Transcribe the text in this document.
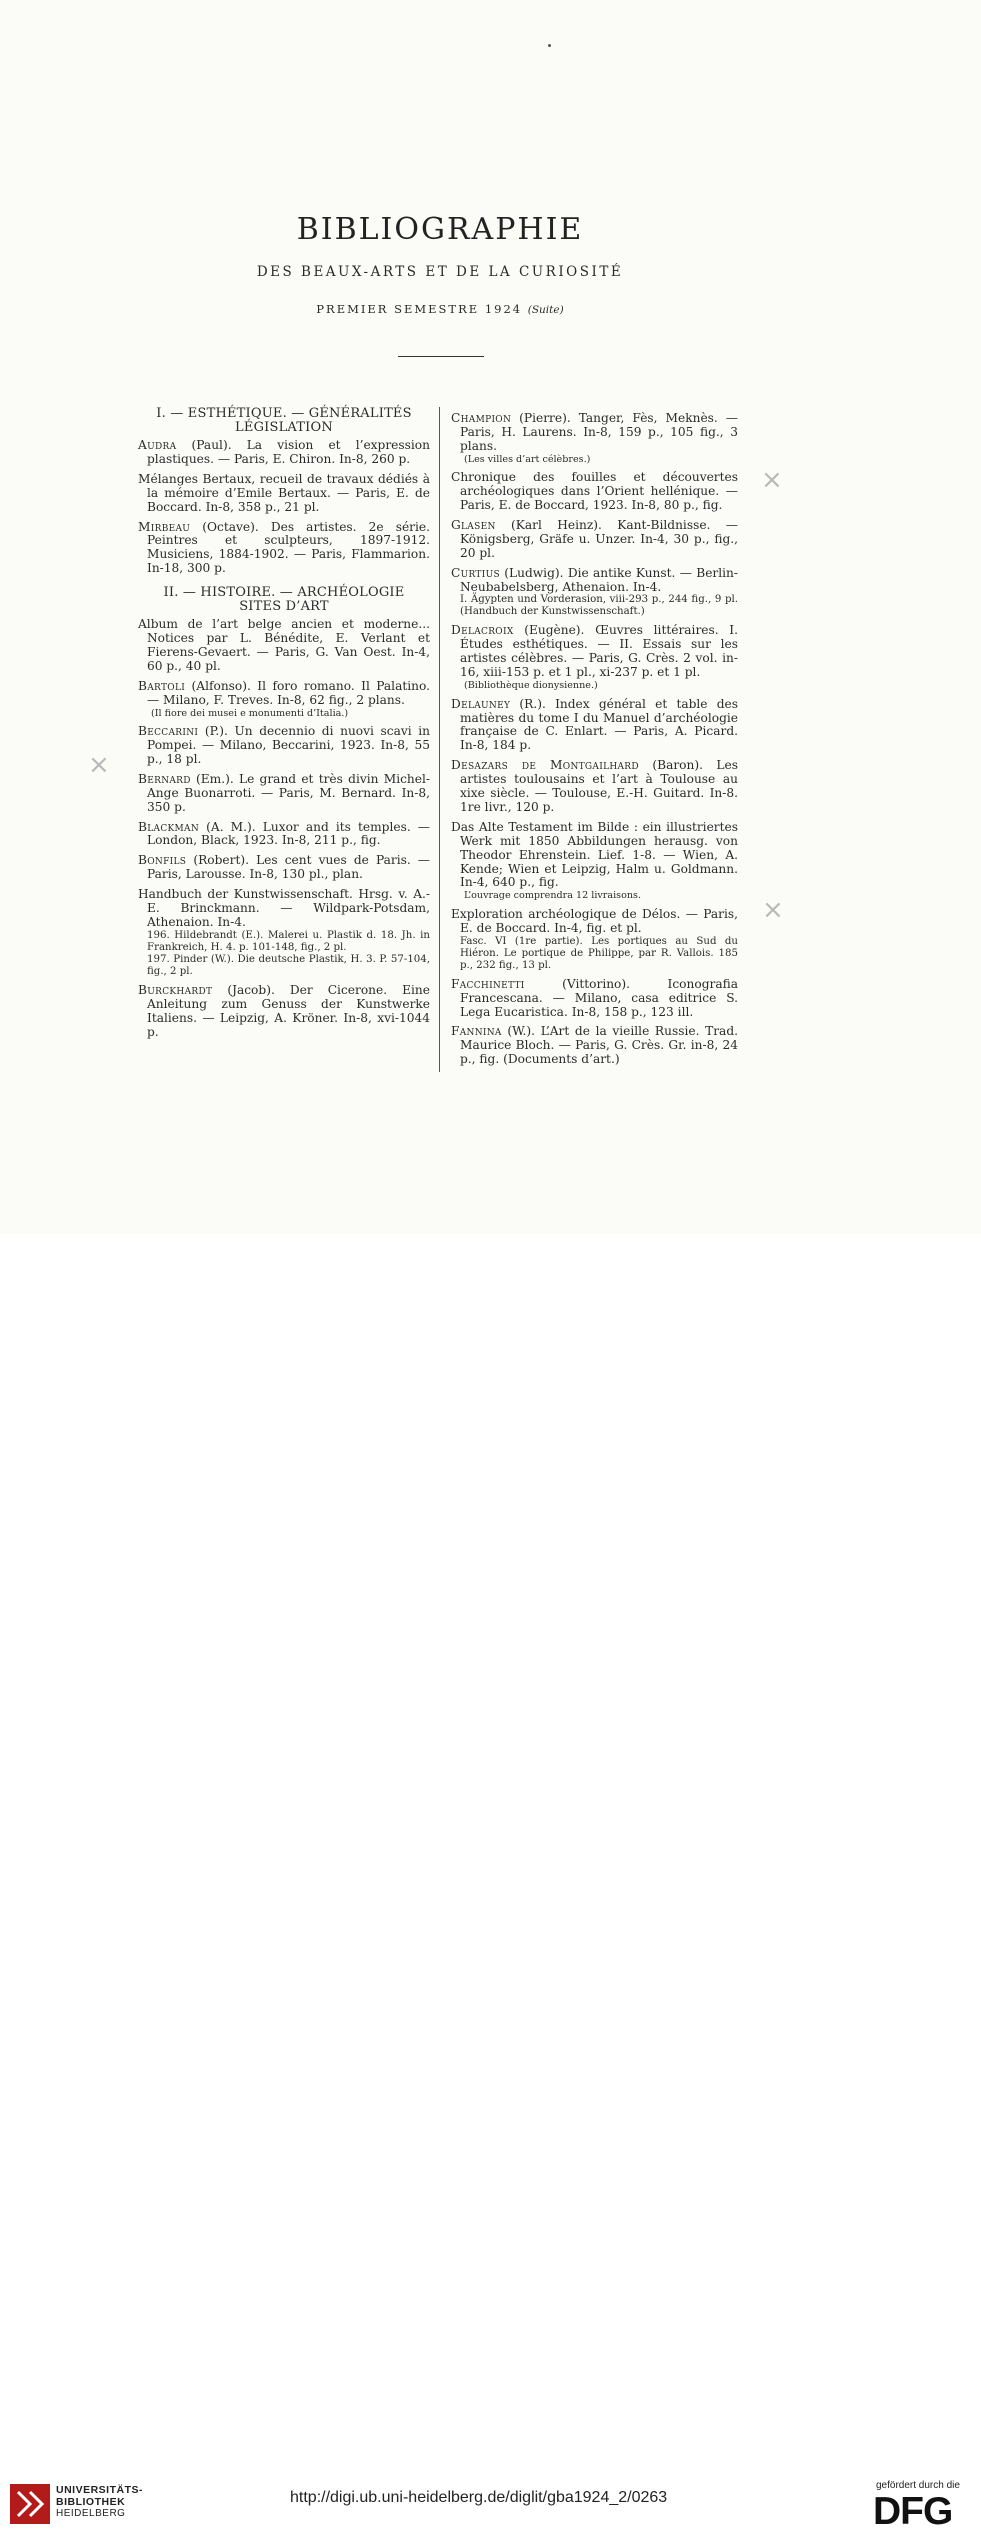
×
×
×
BIBLIOGRAPHIE
DES BEAUX-ARTS ET DE LA CURIOSITÉ
PREMIER SEMESTRE 1924 (Suite)
I. — ESTHÉTIQUE. — GÉNÉRALITÉS
LÉGISLATION
Audra (Paul). La vision et l’expression plastiques. — Paris, E. Chiron. In-8, 260 p.
Mélanges Bertaux, recueil de travaux dédiés à la mémoire d’Emile Bertaux. — Paris, E. de Boccard. In-8, 358 p., 21 pl.
Mirbeau (Octave). Des artistes. 2e série. Peintres et sculpteurs, 1897-1912. Musiciens, 1884-1902. — Paris, Flammarion. In-18, 300 p.
II. — HISTOIRE. — ARCHÉOLOGIE
SITES D’ART
Album de l’art belge ancien et moderne... Notices par L. Bénédite, E. Verlant et Fierens-Gevaert. — Paris, G. Van Oest. In-4, 60 p., 40 pl.
Bartoli (Alfonso). Il foro romano. Il Palatino. — Milano, F. Treves. In-8, 62 fig., 2 plans.
(Il fiore dei musei e monumenti d’Italia.)
Beccarini (P.). Un decennio di nuovi scavi in Pompei. — Milano, Beccarini, 1923. In-8, 55 p., 18 pl.
Bernard (Em.). Le grand et très divin Michel-Ange Buonarroti. — Paris, M. Bernard. In-8, 350 p.
Blackman (A. M.). Luxor and its temples. — London, Black, 1923. In-8, 211 p., fig.
Bonfils (Robert). Les cent vues de Paris. — Paris, Larousse. In-8, 130 pl., plan.
Handbuch der Kunstwissenschaft. Hrsg. v. A.-E. Brinckmann. — Wildpark-Potsdam, Athenaion. In-4.
196. Hildebrandt (E.). Malerei u. Plastik d. 18. Jh. in Frankreich, H. 4. p. 101-148, fig., 2 pl.
197. Pinder (W.). Die deutsche Plastik, H. 3. P. 57-104, fig., 2 pl.
Burckhardt (Jacob). Der Cicerone. Eine Anleitung zum Genuss der Kunstwerke Italiens. — Leipzig, A. Kröner. In-8, xvi-1044 p.
Champion (Pierre). Tanger, Fès, Meknès. — Paris, H. Laurens. In-8, 159 p., 105 fig., 3 plans.
(Les villes d’art célèbres.)
Chronique des fouilles et découvertes archéologiques dans l’Orient hellénique. — Paris, E. de Boccard, 1923. In-8, 80 p., fig.
Glasen (Karl Heinz). Kant-Bildnisse. — Königsberg, Gräfe u. Unzer. In-4, 30 p., fig., 20 pl.
Curtius (Ludwig). Die antike Kunst. — Berlin-Neubabelsberg, Athenaion. In-4.
I. Ägypten und Vorderasion, viii-293 p., 244 fig., 9 pl. (Handbuch der Kunstwissenschaft.)
Delacroix (Eugène). Œuvres littéraires. I. Études esthétiques. — II. Essais sur les artistes célèbres. — Paris, G. Crès. 2 vol. in-16, xiii-153 p. et 1 pl., xi-237 p. et 1 pl.
(Bibliothèque dionysienne.)
Delauney (R.). Index général et table des matières du tome I du Manuel d’archéologie française de C. Enlart. — Paris, A. Picard. In-8, 184 p.
Desazars de Montgailhard (Baron). Les artistes toulousains et l’art à Toulouse au xixe siècle. — Toulouse, E.-H. Guitard. In-8. 1re livr., 120 p.
Das Alte Testament im Bilde : ein illustriertes Werk mit 1850 Abbildungen herausg. von Theodor Ehrenstein. Lief. 1-8. — Wien, A. Kende; Wien et Leipzig, Halm u. Goldmann. In-4, 640 p., fig.
L’ouvrage comprendra 12 livraisons.
Exploration archéologique de Délos. — Paris, E. de Boccard. In-4, fig. et pl.
Fasc. VI (1re partie). Les portiques au Sud du Hiéron. Le portique de Philippe, par R. Vallois. 185 p., 232 fig., 13 pl.
Facchinetti (Vittorino). Iconografia Francescana. — Milano, casa editrice S. Lega Eucaristica. In-8, 158 p., 123 ill.
Fannina (W.). L’Art de la vieille Russie. Trad. Maurice Bloch. — Paris, G. Crès. Gr. in-8, 24 p., fig. (Documents d’art.)
UNIVERSITÄTS-
BIBLIOTHEK
HEIDELBERG
http://digi.ub.uni-heidelberg.de/diglit/gba1924_2/0263
gefördert durch die
DFG
